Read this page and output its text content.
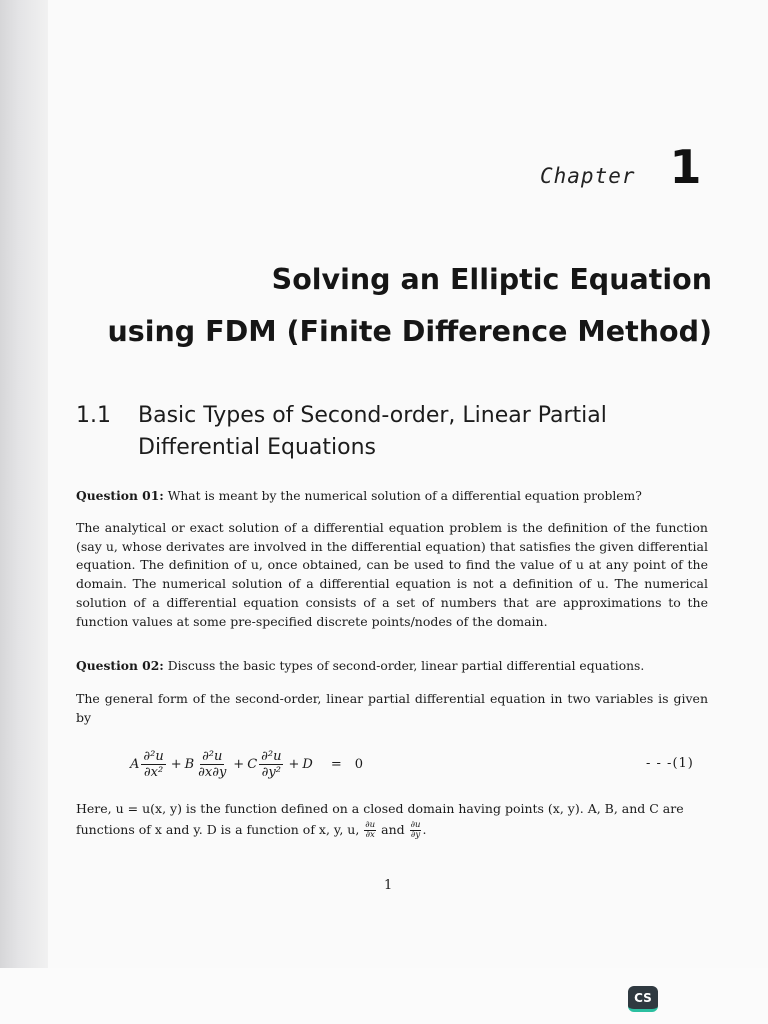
Chapter 1
Solving an Elliptic Equation
using FDM (Finite Difference Method)
1.1	Basic Types of Second-order, Linear Partial Differential Equations
Question 01: What is meant by the numerical solution of a differential equation problem?
The analytical or exact solution of a differential equation problem is the definition of the function (say u, whose derivates are involved in the differential equation) that satisfies the given differential equation. The definition of u, once obtained, can be used to find the value of u at any point of the domain. The numerical solution of a differential equation is not a definition of u. The numerical solution of a differential equation consists of a set of numbers that are approximations to the function values at some pre-specified discrete points/nodes of the domain.
Question 02: Discuss the basic types of second-order, linear partial differential equations.
The general form of the second-order, linear partial differential equation in two variables is given by
A $\frac{\text{∂²u}}{\text{∂x²}} + B \frac{\text{∂²u}}{\partial x\partial y} + C \frac{\text{∂²u}}{\text{∂y²}} + D = 0$	- - -(1)
Here, u = u(x, y) is the function defined on a closed domain having points (x, y). A, B, and C are
functions of x and y. D is a function of x, y, u, $\frac{\partial u}{\partial x}$ and $\frac{\partial u}{\partial y}$ .
1
CS
